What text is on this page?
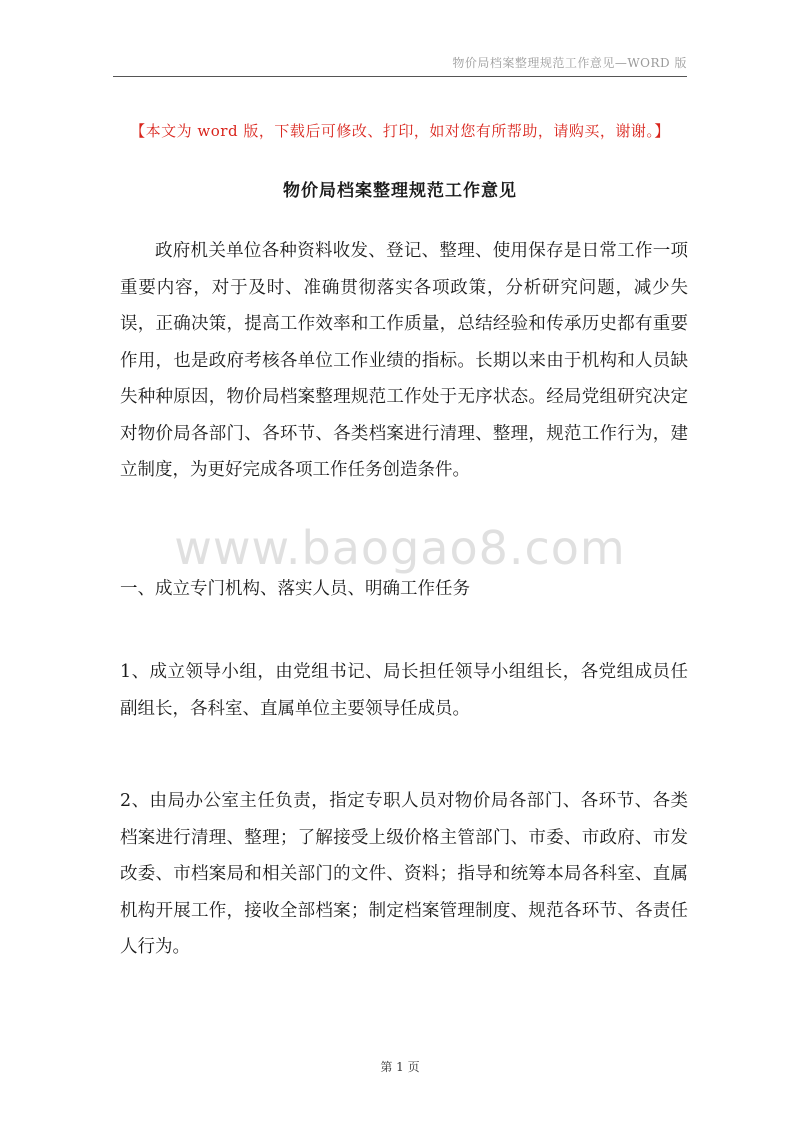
物价局档案整理规范工作意见—WORD 版
【本文为 word 版，下载后可修改、打印，如对您有所帮助，请购买，谢谢。】
物价局档案整理规范工作意见
政府机关单位各种资料收发、登记、整理、使用保存是日常工作一项重要内容，对于及时、准确贯彻落实各项政策，分析研究问题，减少失误，正确决策，提高工作效率和工作质量，总结经验和传承历史都有重要作用，也是政府考核各单位工作业绩的指标。长期以来由于机构和人员缺失种种原因，物价局档案整理规范工作处于无序状态。经局党组研究决定对物价局各部门、各环节、各类档案进行清理、整理，规范工作行为，建立制度，为更好完成各项工作任务创造条件。
www.baogao8.com
一、成立专门机构、落实人员、明确工作任务
1、成立领导小组，由党组书记、局长担任领导小组组长，各党组成员任副组长，各科室、直属单位主要领导任成员。
2、由局办公室主任负责，指定专职人员对物价局各部门、各环节、各类档案进行清理、整理；了解接受上级价格主管部门、市委、市政府、市发改委、市档案局和相关部门的文件、资料；指导和统筹本局各科室、直属机构开展工作，接收全部档案；制定档案管理制度、规范各环节、各责任人行为。
第 1 页
